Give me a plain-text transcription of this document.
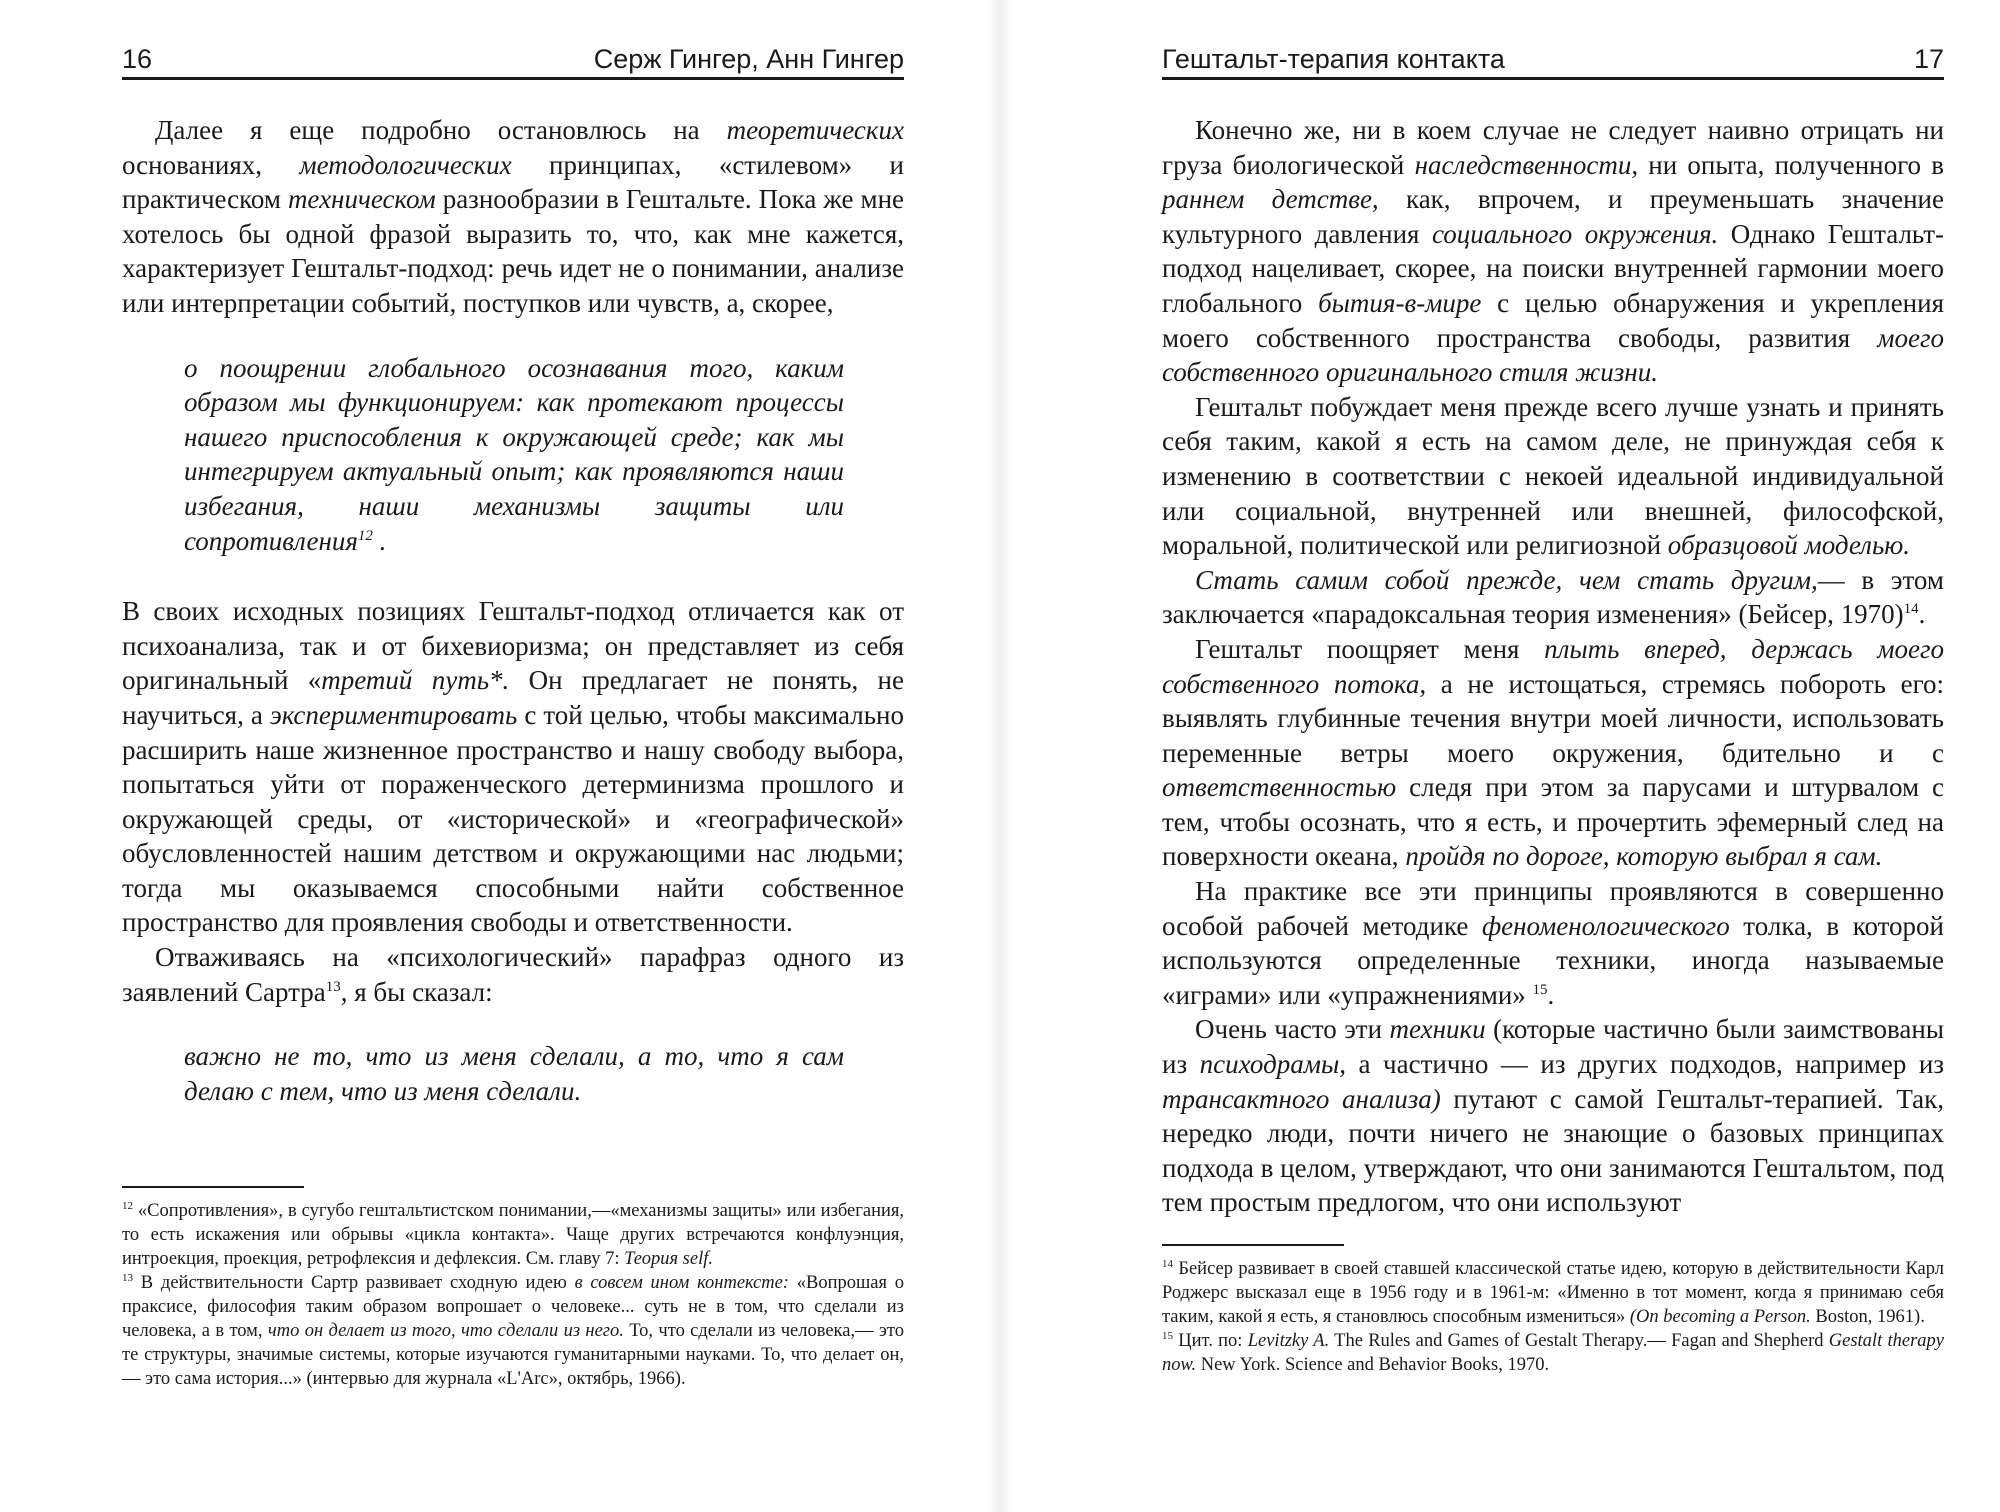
16	Серж Гингер, Анн Гингер

Далее я еще подробно остановлюсь на теоретических основаниях, методологических принципах, «стилевом» и практическом техническом разнообразии в Гештальте. Пока же мне хотелось бы одной фразой выразить то, что, как мне кажется, характеризует Гештальт-подход: речь идет не о понимании, анализе или интерпретации событий, поступков или чувств, а, скорее,

о поощрении глобального осознавания того, каким образом мы функционируем: как протекают процессы нашего приспособления к окружающей среде; как мы интегрируем актуальный опыт; как проявляются наши избегания, наши механизмы защиты или сопротивления$^{12}$ .

В своих исходных позициях Гештальт-подход отличается как от психоанализа, так и от бихевиоризма; он представляет из себя оригинальный «третий путь*. Он предлагает не понять, не научиться, а экспериментировать с той целью, чтобы максимально расширить наше жизненное пространство и нашу свободу выбора, попытаться уйти от пораженческого детерминизма прошлого и окружающей среды, от «исторической» и «географической» обусловленностей нашим детством и окружающими нас людьми; тогда мы оказываемся способными найти собственное пространство для проявления свободы и ответственности.

Отваживаясь на «психологический» парафраз одного из заявлений Сартра$^{13}$, я бы сказал:

важно не то, что из меня сделали, а то, что я сам делаю с тем, что из меня сделали.

$^{12}$ «Сопротивления», в сугубо гештальтистском понимании,—«механизмы защиты» или избегания, то есть искажения или обрывы «цикла контакта». Чаще других встречаются конфлуэнция, интроекция, проекция, ретрофлексия и дефлексия. См. главу 7: Теория self.

$^{13}$ В действительности Сартр развивает сходную идею в совсем ином контексте: «Вопрошая о праксисе, философия таким образом вопрошает о человеке... суть не в том, что сделали из человека, а в том, что он делает из того, что сделали из него. То, что сделали из человека,— это те структуры, значимые системы, которые изучаются гуманитарными науками. То, что делает он,— это сама история...» (интервью для журнала «L'Arc», октябрь, 1966).

Гештальт-терапия контакта	17

Конечно же, ни в коем случае не следует наивно отрицать ни груза биологической наследственности, ни опыта, полученного в раннем детстве, как, впрочем, и преуменьшать значение культурного давления социального окружения. Однако Гештальт-подход нацеливает, скорее, на поиски внутренней гармонии моего глобального бытия-в-мире с целью обнаружения и укрепления моего собственного пространства свободы, развития моего собственного оригинального стиля жизни.

Гештальт побуждает меня прежде всего лучше узнать и принять себя таким, какой я есть на самом деле, не принуждая себя к изменению в соответствии с некоей идеальной индивидуальной или социальной, внутренней или внешней, философской, моральной, политической или религиозной образцовой моделью.

Стать самим собой прежде, чем стать другим,— в этом заключается «парадоксальная теория изменения» (Бейсер, 1970)$^{14}$.

Гештальт поощряет меня плыть вперед, держась моего собственного потока, а не истощаться, стремясь побороть его: выявлять глубинные течения внутри моей личности, использовать переменные ветры моего окружения, бдительно и с ответственностью следя при этом за парусами и штурвалом с тем, чтобы осознать, что я есть, и прочертить эфемерный след на поверхности океана, пройдя по дороге, которую выбрал я сам.

На практике все эти принципы проявляются в совершенно особой рабочей методике феноменологического толка, в которой используются определенные техники, иногда называемые «играми» или «упражнениями» $^{15}$.

Очень часто эти техники (которые частично были заимствованы из психодрамы, а частично — из других подходов, например из трансактного анализа) путают с самой Гештальт-терапией. Так, нередко люди, почти ничего не знающие о базовых принципах подхода в целом, утверждают, что они занимаются Гештальтом, под тем простым предлогом, что они используют

$^{14}$ Бейсер развивает в своей ставшей классической статье идею, которую в действительности Карл Роджерс высказал еще в 1956 году и в 1961-м: «Именно в тот момент, когда я принимаю себя таким, какой я есть, я становлюсь способным измениться» (On becoming a Person. Boston, 1961).

$^{15}$ Цит. по: Levitzky A. The Rules and Games of Gestalt Therapy.— Fagan and Shepherd Gestalt therapy now. New York. Science and Behavior Books, 1970.
